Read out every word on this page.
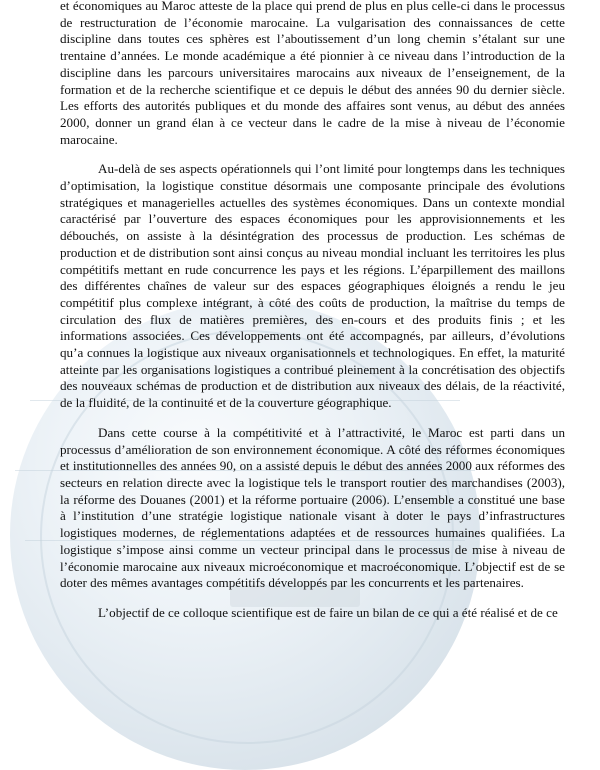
et économiques au Maroc atteste de la place qui prend de plus en plus celle-ci dans le processus de restructuration de l’économie marocaine. La vulgarisation des connaissances de cette discipline dans toutes ces sphères est l’aboutissement d’un long chemin s’étalant sur une trentaine d’années. Le monde académique a été pionnier à ce niveau dans l’introduction de la discipline dans les parcours universitaires marocains aux niveaux de l’enseignement, de la formation et de la recherche scientifique et ce depuis le début des années 90 du dernier siècle. Les efforts des autorités publiques et du monde des affaires sont venus, au début des années 2000, donner un grand élan à ce vecteur dans le cadre de la mise à niveau de l’économie marocaine.

Au-delà de ses aspects opérationnels qui l’ont limité pour longtemps dans les techniques d’optimisation, la logistique constitue désormais une composante principale des évolutions stratégiques et managerielles actuelles des systèmes économiques. Dans un contexte mondial caractérisé par l’ouverture des espaces économiques pour les approvisionnements et les débouchés, on assiste à la désintégration des processus de production. Les schémas de production et de distribution sont ainsi conçus au niveau mondial incluant les territoires les plus compétitifs mettant en rude concurrence les pays et les régions. L’éparpillement des maillons des différentes chaînes de valeur sur des espaces géographiques éloignés a rendu le jeu compétitif plus complexe intégrant, à côté des coûts de production, la maîtrise du temps de circulation des flux de matières premières, des en-cours et des produits finis ; et les informations associées. Ces développements ont été accompagnés, par ailleurs, d’évolutions qu’a connues la logistique aux niveaux organisationnels et technologiques. En effet, la maturité atteinte par les organisations logistiques a contribué pleinement à la concrétisation des objectifs des nouveaux schémas de production et de distribution aux niveaux des délais, de la réactivité, de la fluidité, de la continuité et de la couverture géographique.

Dans cette course à la compétitivité et à l’attractivité, le Maroc est parti dans un processus d’amélioration de son environnement économique. A côté des réformes économiques et institutionnelles des années 90, on a assisté depuis le début des années 2000 aux réformes des secteurs en relation directe avec la logistique tels le transport routier des marchandises (2003), la réforme des Douanes (2001) et la réforme portuaire (2006). L’ensemble a constitué une base à l’institution d’une stratégie logistique nationale visant à doter le pays d’infrastructures logistiques modernes, de réglementations adaptées et de ressources humaines qualifiées. La logistique s’impose ainsi comme un vecteur principal dans le processus de mise à niveau de l’économie marocaine aux niveaux microéconomique et macroéconomique. L’objectif est de se doter des mêmes avantages compétitifs développés par les concurrents et les partenaires.

L’objectif de ce colloque scientifique est de faire un bilan de ce qui a été réalisé et de ce
